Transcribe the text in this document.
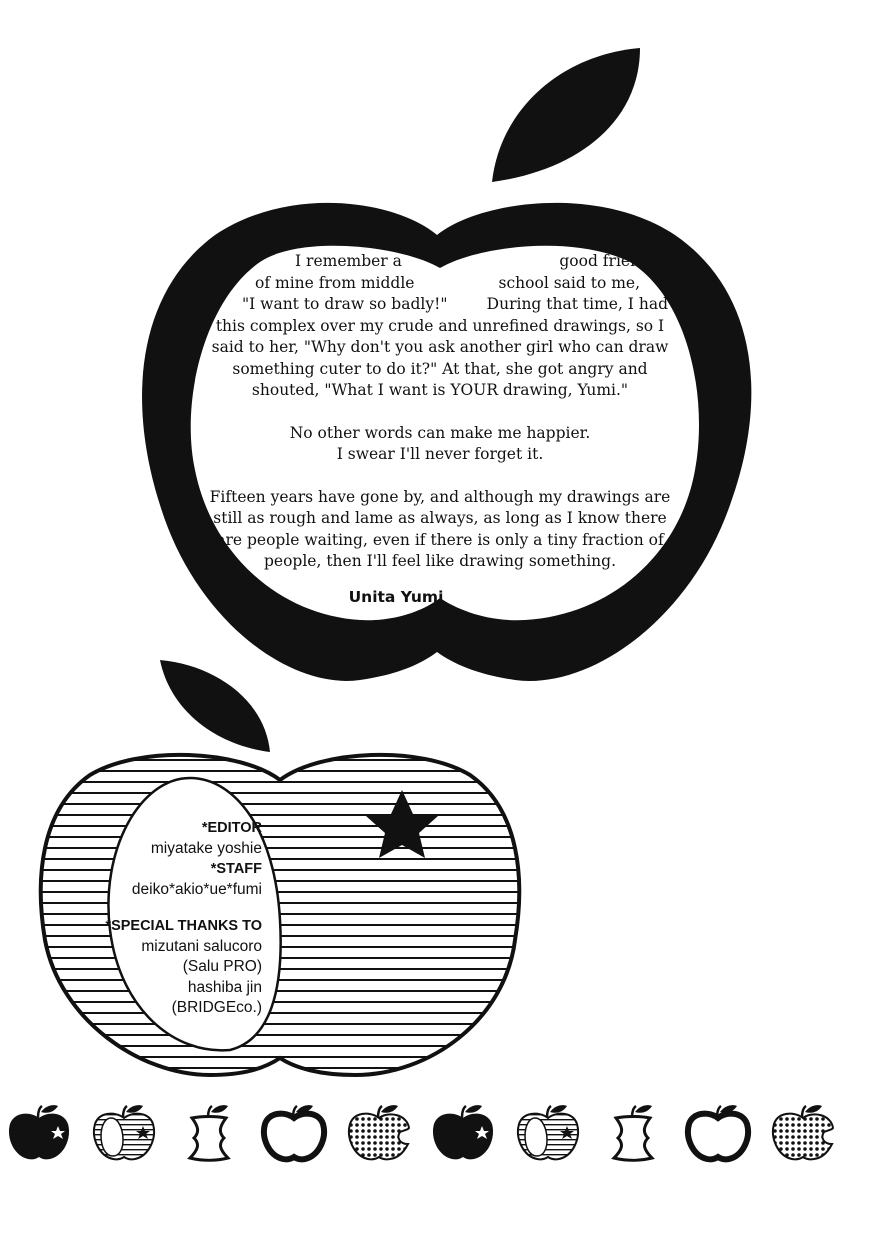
I remember a	good friend
of mine from middle	school said to me,
"I want to draw so badly!"	During that time, I had
this complex over my crude and unrefined drawings, so I
said to her, "Why don't you ask another girl who can draw
something cuter to do it?" At that, she got angry and
shouted, "What I want is YOUR drawing, Yumi."
No other words can make me happier.
I swear I'll never forget it.
Fifteen years have gone by, and although my drawings are
still as rough and lame as always, as long as I know there
are people waiting, even if there is only a tiny fraction of
people, then I'll feel like drawing something.
Unita Yumi
*EDITOR
miyatake yoshie
*STAFF
deiko*akio*ue*fumi
*SPECIAL THANKS TO
mizutani salucoro
(Salu PRO)
hashiba jin
(BRIDGEco.)
